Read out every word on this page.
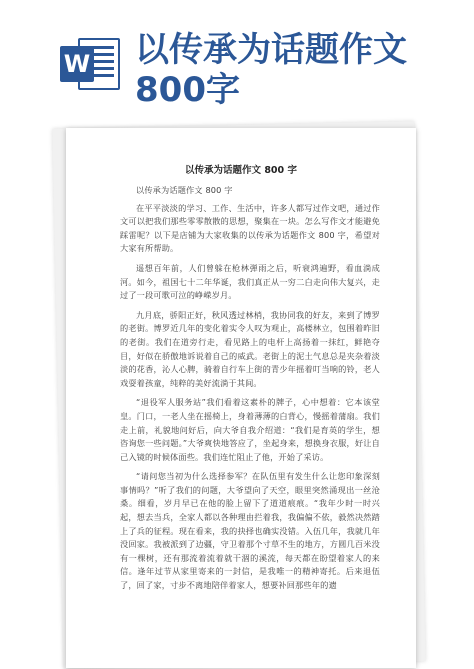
W 以传承为话题作文800字
以传承为话题作文 800 字

以传承为话题作文 800 字

在平平淡淡的学习、工作、生活中，许多人都写过作文吧，通过作文可以把我们那些零零散散的思想，聚集在一块。怎么写作文才能避免踩雷呢？以下是店铺为大家收集的以传承为话题作文 800 字，希望对大家有所帮助。

遥想百年前，人们曾躲在枪林弹雨之后，听衰鸿遍野，看血淌成河。如今，祖国七十二年华诞，我们真正从一穷二白走向伟大复兴，走过了一段可歌可泣的峥嵘岁月。

九月底，骄阳正好，秋风透过林梢，我协同我的好友，来到了博罗的老街。博罗近几年的变化着实令人叹为观止，高楼林立，包围着昨旧的老街。我们在道旁行走，看见路上的电杆上高扬着一抹红，鲜艳夺目，好似在骄傲地诉说着自己的威武。老街上的泥土气息总是夹杂着淡淡的花香，沁人心脾，骑着自行车上街的青少年摇着叮当响的铃，老人戏耍着孩童，纯粹的美好流淌于其间。

“退役军人服务站”我们看着这素朴的牌子，心中想着：它本该堂皇。门口，一老人坐在摇椅上，身着薄薄的白背心，慢摇着蒲扇。我们走上前，礼貌地问好后，向大爷自我介绍道：“我们是育英的学生，想咨询您一些问题。”大爷爽快地答应了，坐起身来，想换身衣服，好让自己入镜的时候体面些。我们连忙阻止了他，开始了采访。

“请问您当初为什么选择参军？在队伍里有发生什么让您印象深刻事情吗？”听了我们的问题，大爷望向了天空，眼里突然涌现出一丝沧桑。细看，岁月早已在他的脸上留下了道道痕痕。“我年少时一时兴起，想去当兵，全家人都以各种理由拦着我，我偏偏不依，毅然决然踏上了兵的征程。现在看来，我的抉择也确实没错。入伍几年，我就几年没回家。我被派到了边疆，守卫着那个寸草不生的地方，方圆几百米没有一棵树，还有那流着流着就干涸的溪流，每天都在盼望着家人的来信。逢年过节从家里寄来的一封信，是我唯一的精神寄托。后来退伍了，回了家，寸步不离地陪伴着家人，想要补回那些年的遗
